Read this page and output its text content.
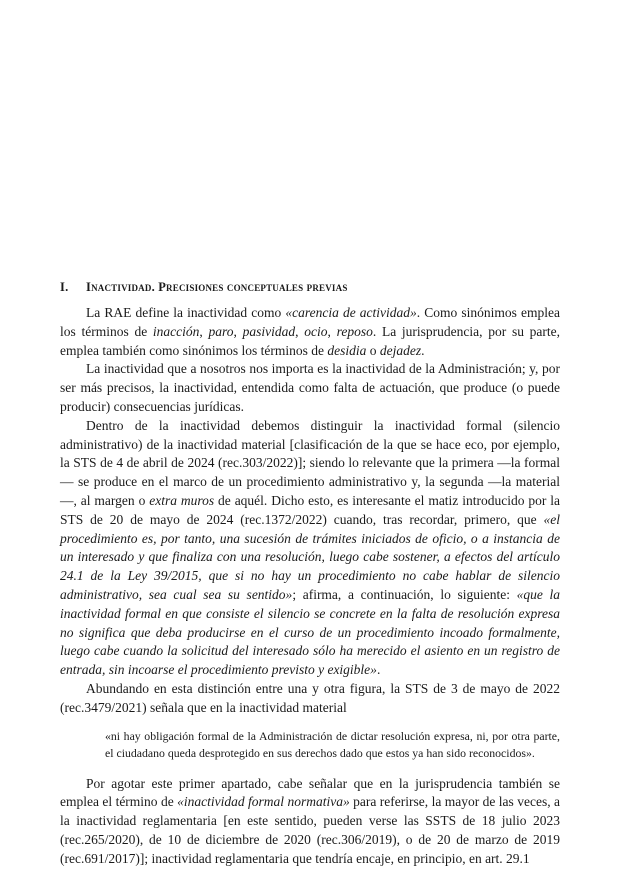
I. Inactividad. Precisiones conceptuales previas

La RAE define la inactividad como «carencia de actividad». Como sinónimos emplea los términos de inacción, paro, pasividad, ocio, reposo. La jurisprudencia, por su parte, emplea también como sinónimos los términos de desidia o dejadez.

La inactividad que a nosotros nos importa es la inactividad de la Administración; y, por ser más precisos, la inactividad, entendida como falta de actuación, que produce (o puede producir) consecuencias jurídicas.

Dentro de la inactividad debemos distinguir la inactividad formal (silencio administrativo) de la inactividad material [clasificación de la que se hace eco, por ejemplo, la STS de 4 de abril de 2024 (rec.303/2022)]; siendo lo relevante que la primera —la formal— se produce en el marco de un procedimiento administrativo y, la segunda —la material—, al margen o extra muros de aquél. Dicho esto, es interesante el matiz introducido por la STS de 20 de mayo de 2024 (rec.1372/2022) cuando, tras recordar, primero, que «el procedimiento es, por tanto, una sucesión de trámites iniciados de oficio, o a instancia de un interesado y que finaliza con una resolución, luego cabe sostener, a efectos del artículo 24.1 de la Ley 39/2015, que si no hay un procedimiento no cabe hablar de silencio administrativo, sea cual sea su sentido»; afirma, a continuación, lo siguiente: «que la inactividad formal en que consiste el silencio se concrete en la falta de resolución expresa no significa que deba producirse en el curso de un procedimiento incoado formalmente, luego cabe cuando la solicitud del interesado sólo ha merecido el asiento en un registro de entrada, sin incoarse el procedimiento previsto y exigible».

Abundando en esta distinción entre una y otra figura, la STS de 3 de mayo de 2022 (rec.3479/2021) señala que en la inactividad material

«ni hay obligación formal de la Administración de dictar resolución expresa, ni, por otra parte, el ciudadano queda desprotegido en sus derechos dado que estos ya han sido reconocidos».

Por agotar este primer apartado, cabe señalar que en la jurisprudencia también se emplea el término de «inactividad formal normativa» para referirse, la mayor de las veces, a la inactividad reglamentaria [en este sentido, pueden verse las SSTS de 18 julio 2023 (rec.265/2020), de 10 de diciembre de 2020 (rec.306/2019), o de 20 de marzo de 2019 (rec.691/2017)]; inactividad reglamentaria que tendría encaje, en principio, en art. 29.1
